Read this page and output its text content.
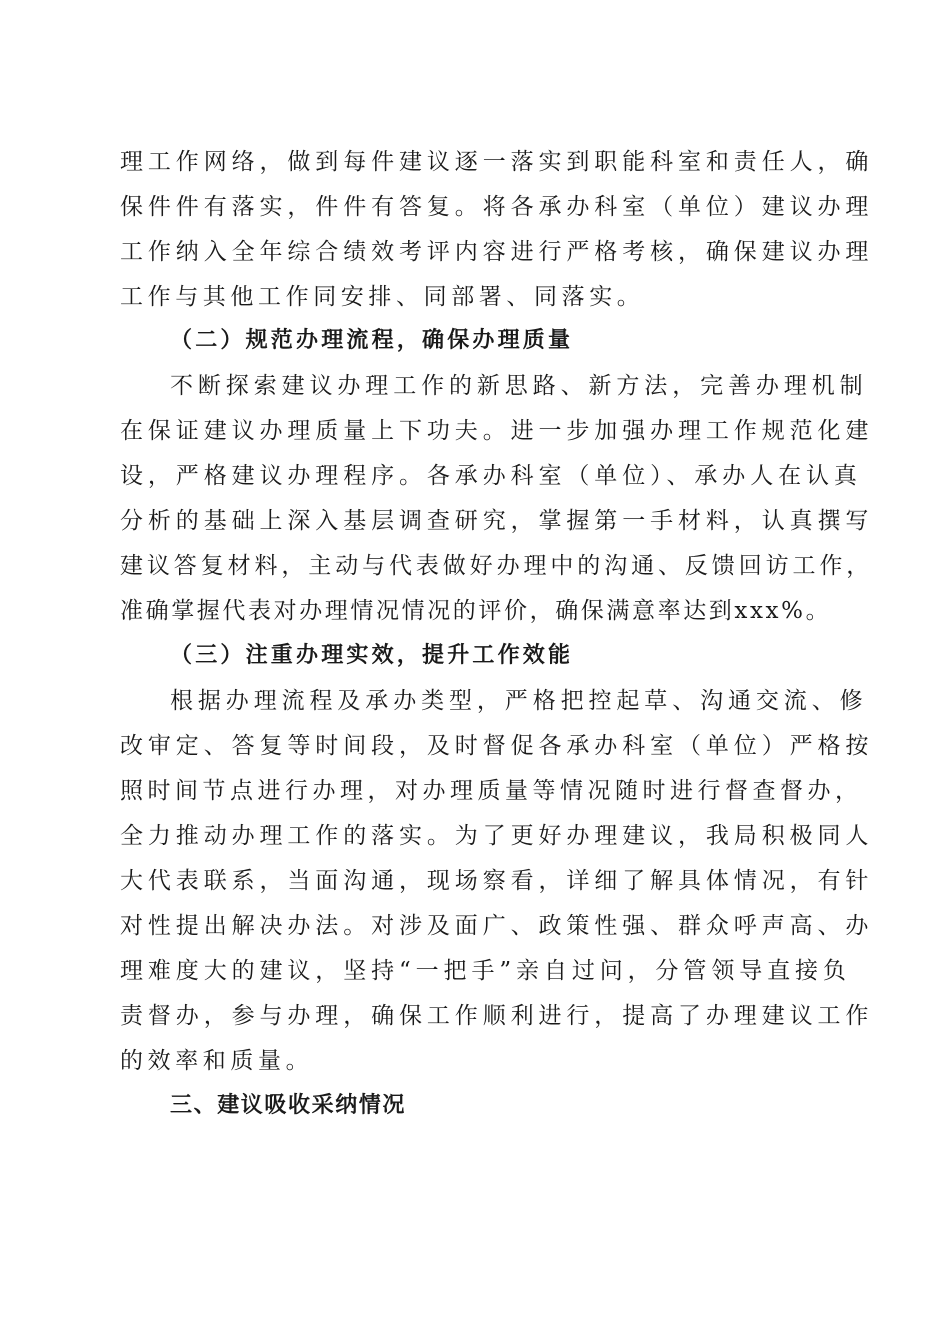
理工作网络，做到每件建议逐一落实到职能科室和责任人，确

保件件有落实，件件有答复。将各承办科室（单位）建议办理

工作纳入全年综合绩效考评内容进行严格考核，确保建议办理

工作与其他工作同安排、同部署、同落实。

（二）规范办理流程，确保办理质量

不断探索建议办理工作的新思路、新方法，完善办理机制

在保证建议办理质量上下功夫。进一步加强办理工作规范化建

设，严格建议办理程序。各承办科室（单位）、承办人在认真

分析的基础上深入基层调查研究，掌握第一手材料，认真撰写

建议答复材料，主动与代表做好办理中的沟通、反馈回访工作，

准确掌握代表对办理情况情况的评价，确保满意率达到xxx%。

（三）注重办理实效，提升工作效能

根据办理流程及承办类型，严格把控起草、沟通交流、修

改审定、答复等时间段，及时督促各承办科室（单位）严格按

照时间节点进行办理，对办理质量等情况随时进行督查督办，

全力推动办理工作的落实。为了更好办理建议，我局积极同人

大代表联系，当面沟通，现场察看，详细了解具体情况，有针

对性提出解决办法。对涉及面广、政策性强、群众呼声高、办

理难度大的建议，坚持“一把手”亲自过问，分管领导直接负

责督办，参与办理，确保工作顺利进行，提高了办理建议工作

的效率和质量。

三、建议吸收采纳情况
